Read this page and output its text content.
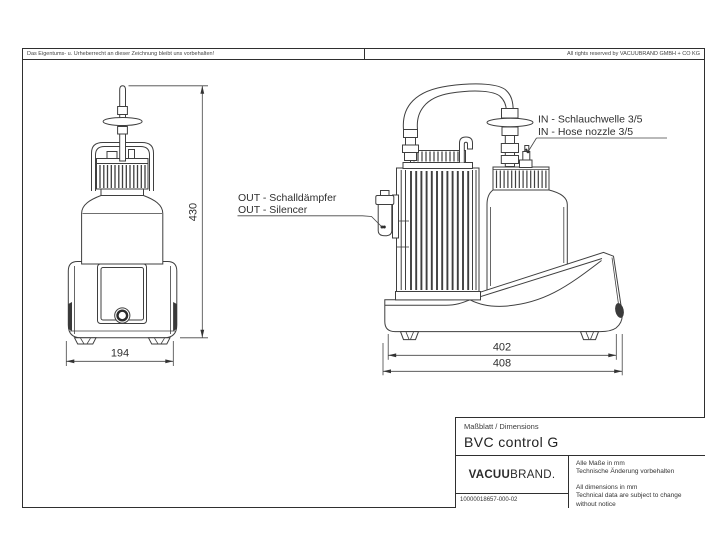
Das Eigentums- u. Urheberrecht an dieser Zeichnung bleibt uns vorbehalten!	All rights reserved by VACUUBRAND GMBH + CO KG
430
194	402
408
OUT - Schalldämpfer
OUT - Silencer
IN - Schlauchwelle 3/5
IN - Hose nozzle 3/5
Maßblatt / Dimensions
BVC control G
VACUU BRAND.
10000018657-000-02
Alle Maße in mm
Technische Änderung vorbehalten
All dimensions in mm
Technical data are subject to change
without notice
